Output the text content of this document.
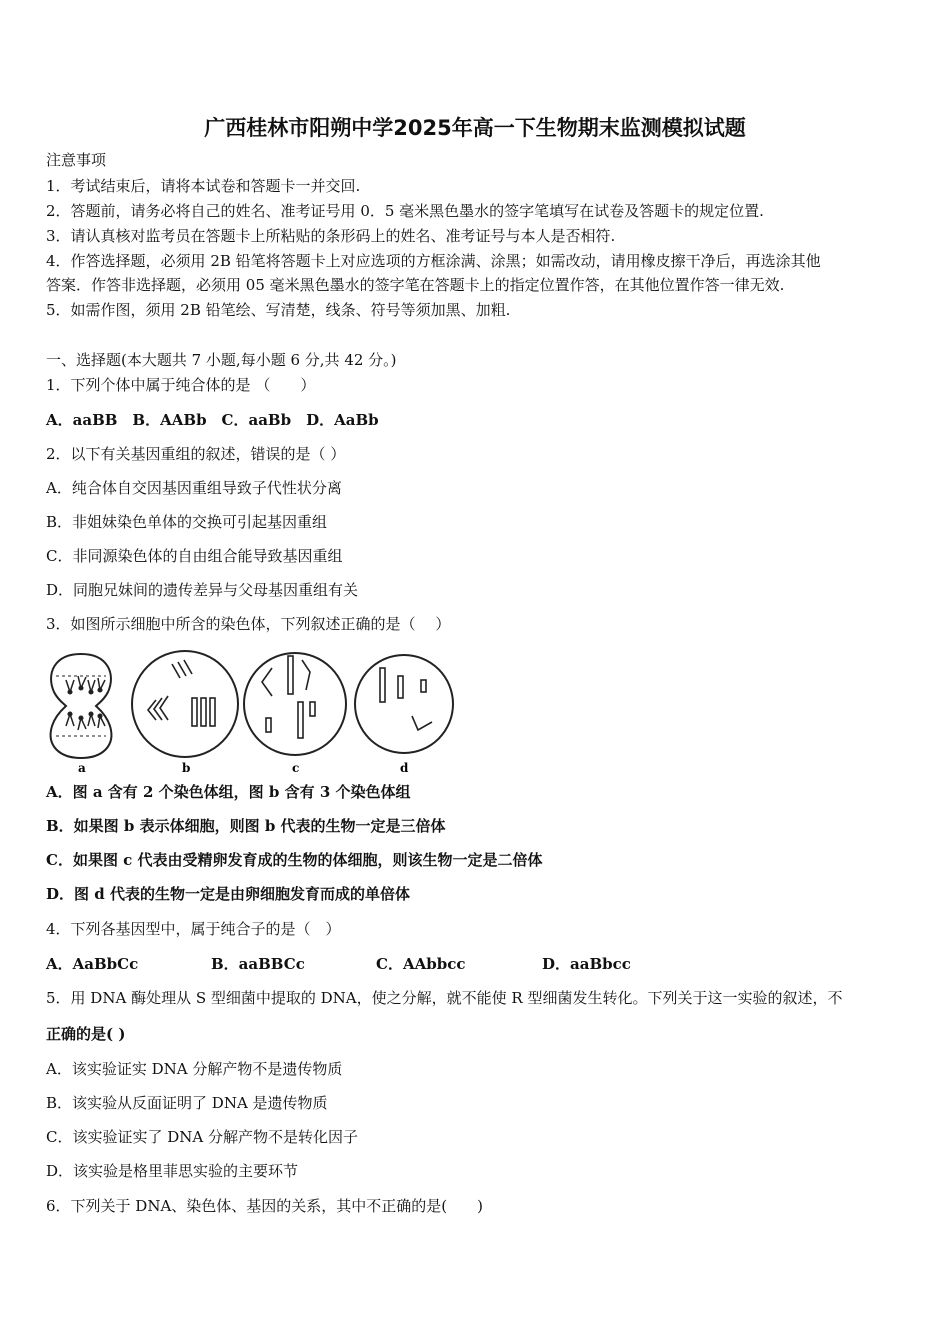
广西桂林市阳朔中学2025年高一下生物期末监测模拟试题
注意事项
1．考试结束后，请将本试卷和答题卡一并交回.
2．答题前，请务必将自己的姓名、准考证号用 0．5 毫米黑色墨水的签字笔填写在试卷及答题卡的规定位置.
3．请认真核对监考员在答题卡上所粘贴的条形码上的姓名、准考证号与本人是否相符.
4．作答选择题，必须用 2B 铅笔将答题卡上对应选项的方框涂满、涂黑；如需改动，请用橡皮擦干净后，再选涂其他
答案．作答非选择题，必须用 05 毫米黑色墨水的签字笔在答题卡上的指定位置作答，在其他位置作答一律无效.
5．如需作图，须用 2B 铅笔绘、写清楚，线条、符号等须加黑、加粗.
一、选择题(本大题共 7 小题,每小题 6 分,共 42 分。)
1．下列个体中属于纯合体的是 （　　）
A．aaBB　B．AABb　C．aaBb　D．AaBb
2．以下有关基因重组的叙述，错误的是（ ）
A．纯合体自交因基因重组导致子代性状分离
B．非姐妹染色单体的交换可引起基因重组
C．非同源染色体的自由组合能导致基因重组
D．同胞兄妹间的遗传差异与父母基因重组有关
3．如图所示细胞中所含的染色体，下列叙述正确的是（　 ）
a	b	c	d
A．图 a 含有 2 个染色体组，图 b 含有 3 个染色体组
B．如果图 b 表示体细胞，则图 b 代表的生物一定是三倍体
C．如果图 c 代表由受精卵发育成的生物的体细胞，则该生物一定是二倍体
D．图 d 代表的生物一定是由卵细胞发育而成的单倍体
4．下列各基因型中，属于纯合子的是（　）
A．AaBbCc	B．aaBBCc	C．AAbbcc	D．aaBbcc
5．用 DNA 酶处理从 S 型细菌中提取的 DNA，使之分解，就不能使 R 型细菌发生转化。下列关于这一实验的叙述，不
正确的是( )
A．该实验证实 DNA 分解产物不是遗传物质
B．该实验从反面证明了 DNA 是遗传物质
C．该实验证实了 DNA 分解产物不是转化因子
D．该实验是格里菲思实验的主要环节
6．下列关于 DNA、染色体、基因的关系，其中不正确的是(　　)
